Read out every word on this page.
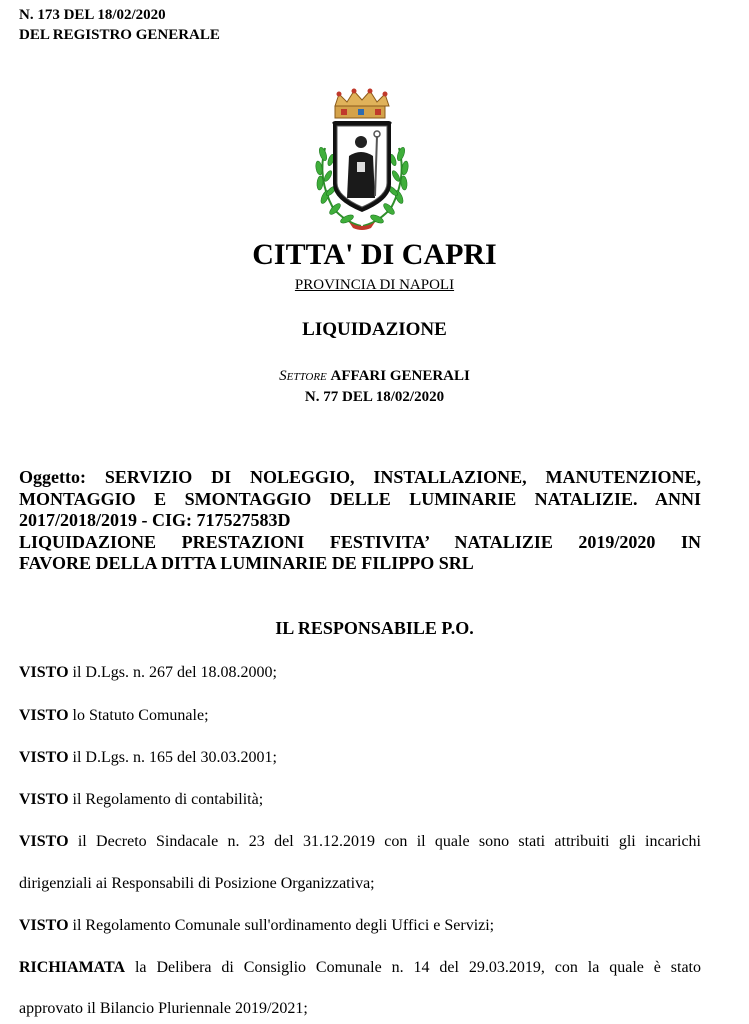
N. 173 DEL 18/02/2020
DEL REGISTRO GENERALE
CITTA' DI CAPRI
PROVINCIA DI NAPOLI
LIQUIDAZIONE
Settore AFFARI GENERALI
N. 77 DEL 18/02/2020
Oggetto: SERVIZIO DI NOLEGGIO, INSTALLAZIONE, MANUTENZIONE,
MONTAGGIO E SMONTAGGIO DELLE LUMINARIE NATALIZIE. ANNI
2017/2018/2019 - CIG: 717527583D
LIQUIDAZIONE PRESTAZIONI FESTIVITA’ NATALIZIE 2019/2020 IN
FAVORE DELLA DITTA LUMINARIE DE FILIPPO SRL
IL RESPONSABILE P.O.
VISTO il D.Lgs. n. 267 del 18.08.2000;
VISTO lo Statuto Comunale;
VISTO il D.Lgs. n. 165 del 30.03.2001;
VISTO il Regolamento di contabilità;
VISTO il Decreto Sindacale n. 23 del 31.12.2019 con il quale sono stati attribuiti gli incarichi
dirigenziali ai Responsabili di Posizione Organizzativa;
VISTO il Regolamento Comunale sull'ordinamento degli Uffici e Servizi;
RICHIAMATA la Delibera di Consiglio Comunale n. 14 del 29.03.2019, con la quale è stato
approvato il Bilancio Pluriennale 2019/2021;
